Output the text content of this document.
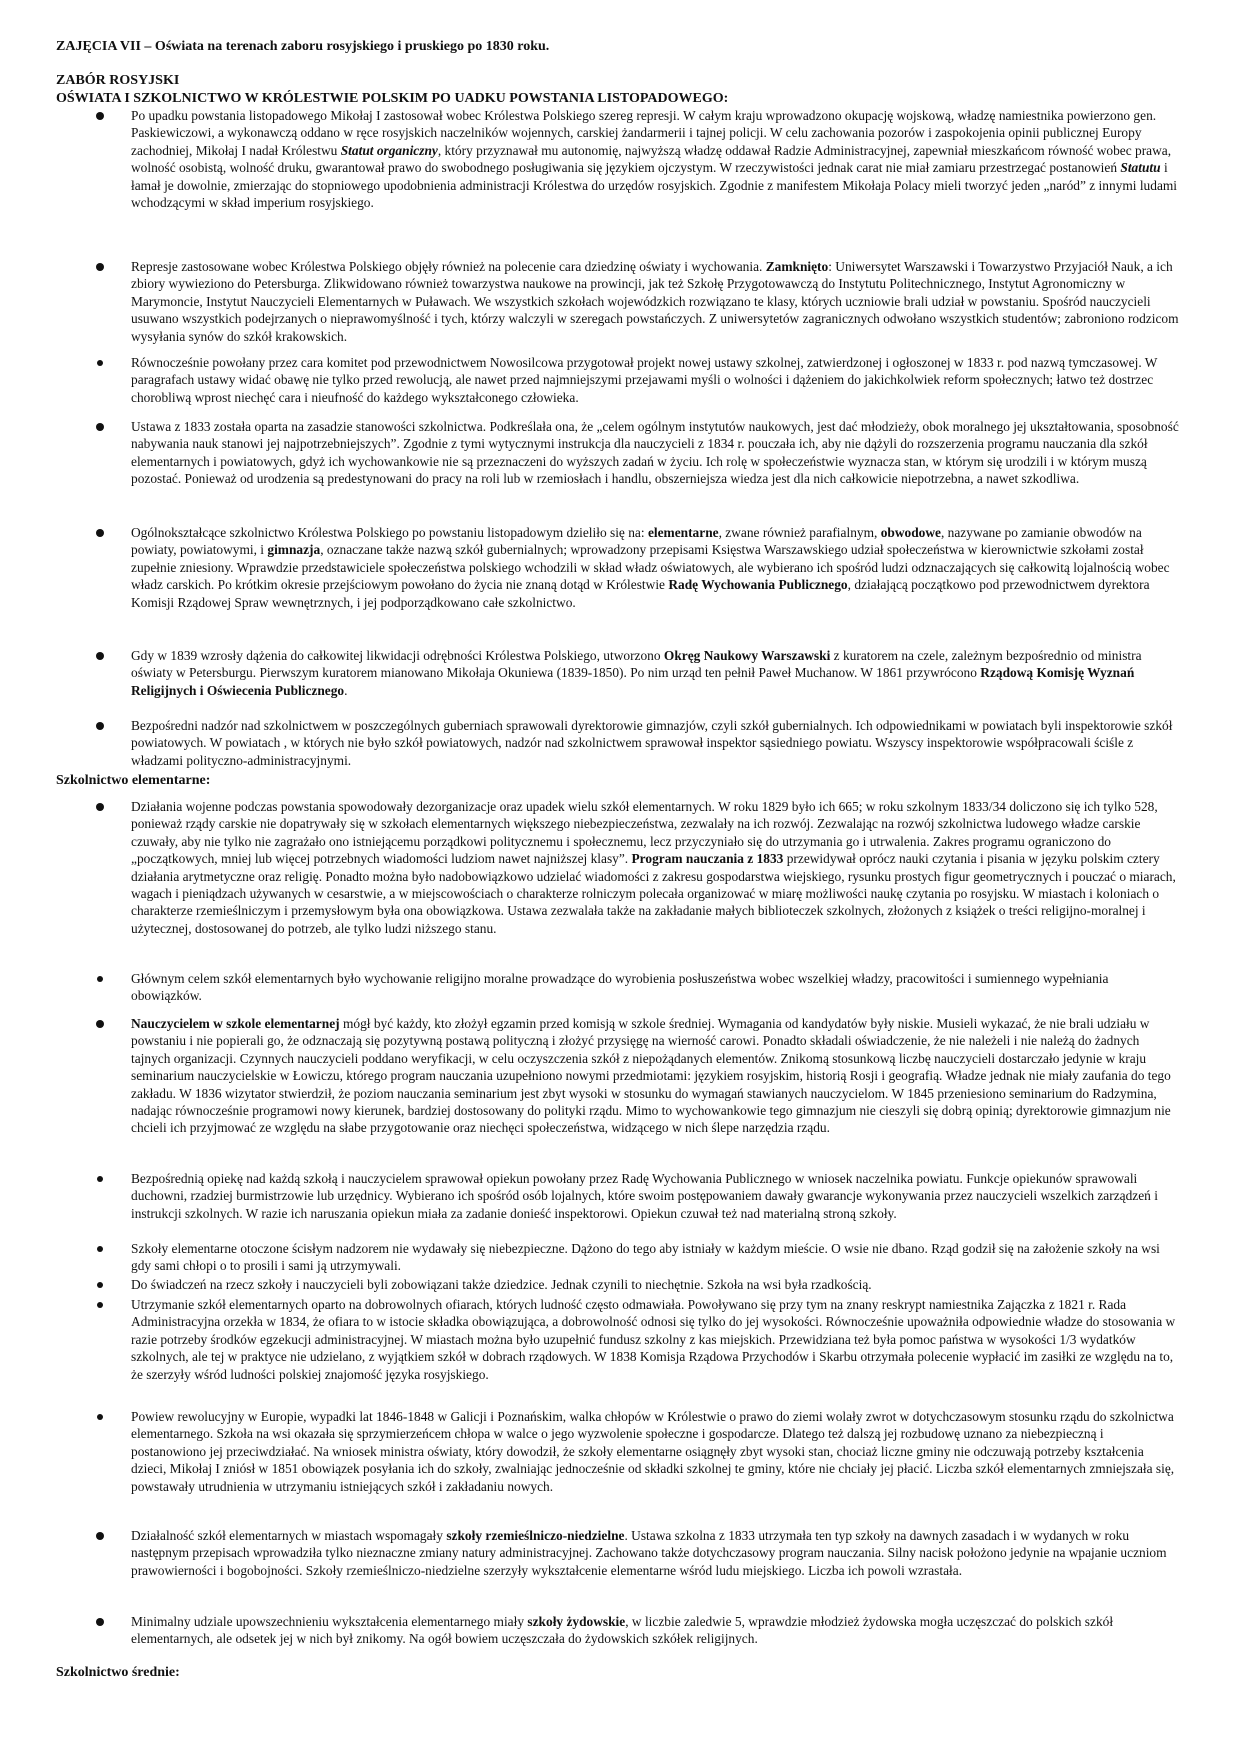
ZAJĘCIA VII – Oświata na terenach zaboru rosyjskiego i pruskiego po 1830 roku.
ZABÓR ROSYJSKI
OŚWIATA I SZKOLNICTWO W KRÓLESTWIE POLSKIM PO UADKU POWSTANIA LISTOPADOWEGO:
Po upadku powstania listopadowego Mikołaj I zastosował wobec Królestwa Polskiego szereg represji. W całym kraju wprowadzono okupację wojskową, władzę namiestnika powierzono gen. Paskiewiczowi, a wykonawczą oddano w ręce rosyjskich naczelników wojennych, carskiej żandarmerii i tajnej policji. W celu zachowania pozorów i zaspokojenia opinii publicznej Europy zachodniej, Mikołaj I nadał Królestwu Statut organiczny, który przyznawał mu autonomię, najwyższą władzę oddawał Radzie Administracyjnej, zapewniał mieszkańcom równość wobec prawa, wolność osobistą, wolność druku, gwarantował prawo do swobodnego posługiwania się językiem ojczystym. W rzeczywistości jednak carat nie miał zamiaru przestrzegać postanowień Statutu i łamał je dowolnie, zmierzając do stopniowego upodobnienia administracji Królestwa do urzędów rosyjskich. Zgodnie z manifestem Mikołaja Polacy mieli tworzyć jeden „naród” z innymi ludami wchodzącymi w skład imperium rosyjskiego.
Represje zastosowane wobec Królestwa Polskiego objęły również na polecenie cara dziedzinę oświaty i wychowania. Zamknięto: Uniwersytet Warszawski i Towarzystwo Przyjaciół Nauk, a ich zbiory wywieziono do Petersburga. Zlikwidowano również towarzystwa naukowe na prowincji, jak też Szkołę Przygotowawczą do Instytutu Politechnicznego, Instytut Agronomiczny w Marymoncie, Instytut Nauczycieli Elementarnych w Puławach. We wszystkich szkołach wojewódzkich rozwiązano te klasy, których uczniowie brali udział w powstaniu. Spośród nauczycieli usuwano wszystkich podejrzanych o nieprawomyślność i tych, którzy walczyli w szeregach powstańczych. Z uniwersytetów zagranicznych odwołano wszystkich studentów; zabroniono rodzicom wysyłania synów do szkół krakowskich.
Równocześnie powołany przez cara komitet pod przewodnictwem Nowosilcowa przygotował projekt nowej ustawy szkolnej, zatwierdzonej i ogłoszonej w 1833 r. pod nazwą tymczasowej. W paragrafach ustawy widać obawę nie tylko przed rewolucją, ale nawet przed najmniejszymi przejawami myśli o wolności i dążeniem do jakichkolwiek reform społecznych; łatwo też dostrzec chorobliwą wprost niechęć cara i nieufność do każdego wykształconego człowieka.
Ustawa z 1833 została oparta na zasadzie stanowości szkolnictwa. Podkreślała ona, że „celem ogólnym instytutów naukowych, jest dać młodzieży, obok moralnego jej ukształtowania, sposobność nabywania nauk stanowi jej najpotrzebniejszych”. Zgodnie z tymi wytycznymi instrukcja dla nauczycieli z 1834 r. pouczała ich, aby nie dążyli do rozszerzenia programu nauczania dla szkół elementarnych i powiatowych, gdyż ich wychowankowie nie są przeznaczeni do wyższych zadań w życiu. Ich rolę w społeczeństwie wyznacza stan, w którym się urodzili i w którym muszą pozostać. Ponieważ od urodzenia są predestynowani do pracy na roli lub w rzemiosłach i handlu, obszerniejsza wiedza jest dla nich całkowicie niepotrzebna, a nawet szkodliwa.
Ogólnokształcące szkolnictwo Królestwa Polskiego po powstaniu listopadowym dzieliło się na: elementarne, zwane również parafialnym, obwodowe, nazywane po zamianie obwodów na powiaty, powiatowymi, i gimnazja, oznaczane także nazwą szkół gubernialnych; wprowadzony przepisami Księstwa Warszawskiego udział społeczeństwa w kierownictwie szkołami został zupełnie zniesiony. Wprawdzie przedstawiciele społeczeństwa polskiego wchodzili w skład władz oświatowych, ale wybierano ich spośród ludzi odznaczających się całkowitą lojalnością wobec władz carskich. Po krótkim okresie przejściowym powołano do życia nie znaną dotąd w Królestwie Radę Wychowania Publicznego, działającą początkowo pod przewodnictwem dyrektora Komisji Rządowej Spraw wewnętrznych, i jej podporządkowano całe szkolnictwo.
Gdy w 1839 wzrosły dążenia do całkowitej likwidacji odrębności Królestwa Polskiego, utworzono Okręg Naukowy Warszawski z kuratorem na czele, zależnym bezpośrednio od ministra oświaty w Petersburgu. Pierwszym kuratorem mianowano Mikołaja Okuniewa (1839-1850). Po nim urząd ten pełnił Paweł Muchanow. W 1861 przywrócono Rządową Komisję Wyznań Religijnych i Oświecenia Publicznego.
Bezpośredni nadzór nad szkolnictwem w poszczególnych guberniach sprawowali dyrektorowie gimnazjów, czyli szkół gubernialnych. Ich odpowiednikami w powiatach byli inspektorowie szkół powiatowych. W powiatach , w których nie było szkół powiatowych, nadzór nad szkolnictwem sprawował inspektor sąsiedniego powiatu. Wszyscy inspektorowie współpracowali ściśle z władzami polityczno-administracyjnymi.
Szkolnictwo elementarne:
Działania wojenne podczas powstania spowodowały dezorganizacje oraz upadek wielu szkół elementarnych. W roku 1829 było ich 665; w roku szkolnym 1833/34 doliczono się ich tylko 528, ponieważ rządy carskie nie dopatrywały się w szkołach elementarnych większego niebezpieczeństwa, zezwalały na ich rozwój. Zezwalając na rozwój szkolnictwa ludowego władze carskie czuwały, aby nie tylko nie zagrażało ono istniejącemu porządkowi politycznemu i społecznemu, lecz przyczyniało się do utrzymania go i utrwalenia. Zakres programu ograniczono do „początkowych, mniej lub więcej potrzebnych wiadomości ludziom nawet najniższej klasy”. Program nauczania z 1833 przewidywał oprócz nauki czytania i pisania w języku polskim cztery działania arytmetyczne oraz religię. Ponadto można było nadobowiązkowo udzielać wiadomości z zakresu gospodarstwa wiejskiego, rysunku prostych figur geometrycznych i pouczać o miarach, wagach i pieniądzach używanych w cesarstwie, a w miejscowościach o charakterze rolniczym polecała organizować w miarę możliwości naukę czytania po rosyjsku. W miastach i koloniach o charakterze rzemieślniczym i przemysłowym była ona obowiązkowa. Ustawa zezwalała także na zakładanie małych biblioteczek szkolnych, złożonych z książek o treści religijno-moralnej i użytecznej, dostosowanej do potrzeb, ale tylko ludzi niższego stanu.
Głównym celem szkół elementarnych było wychowanie religijno moralne prowadzące do wyrobienia posłuszeństwa wobec wszelkiej władzy, pracowitości i sumiennego wypełniania obowiązków.
Nauczycielem w szkole elementarnej mógł być każdy, kto złożył egzamin przed komisją w szkole średniej. Wymagania od kandydatów były niskie. Musieli wykazać, że nie brali udziału w powstaniu i nie popierali go, że odznaczają się pozytywną postawą polityczną i złożyć przysięgę na wierność carowi. Ponadto składali oświadczenie, że nie należeli i nie należą do żadnych tajnych organizacji. Czynnych nauczycieli poddano weryfikacji, w celu oczyszczenia szkół z niepożądanych elementów. Znikomą stosunkową liczbę nauczycieli dostarczało jedynie w kraju seminarium nauczycielskie w Łowiczu, którego program nauczania uzupełniono nowymi przedmiotami: językiem rosyjskim, historią Rosji i geografią. Władze jednak nie miały zaufania do tego zakładu. W 1836 wizytator stwierdził, że poziom nauczania seminarium jest zbyt wysoki w stosunku do wymagań stawianych nauczycielom. W 1845 przeniesiono seminarium do Radzymina, nadając równocześnie programowi nowy kierunek, bardziej dostosowany do polityki rządu. Mimo to wychowankowie tego gimnazjum nie cieszyli się dobrą opinią; dyrektorowie gimnazjum nie chcieli ich przyjmować ze względu na słabe przygotowanie oraz niechęci społeczeństwa, widzącego w nich ślepe narzędzia rządu.
Bezpośrednią opiekę nad każdą szkołą i nauczycielem sprawował opiekun powołany przez Radę Wychowania Publicznego w wniosek naczelnika powiatu. Funkcje opiekunów sprawowali duchowni, rzadziej burmistrzowie lub urzędnicy. Wybierano ich spośród osób lojalnych, które swoim postępowaniem dawały gwarancje wykonywania przez nauczycieli wszelkich zarządzeń i instrukcji szkolnych. W razie ich naruszania opiekun miała za zadanie donieść inspektorowi. Opiekun czuwał też nad materialną stroną szkoły.
Szkoły elementarne otoczone ścisłym nadzorem nie wydawały się niebezpieczne. Dążono do tego aby istniały w każdym mieście. O wsie nie dbano. Rząd godził się na założenie szkoły na wsi gdy sami chłopi o to prosili i sami ją utrzymywali.
Do świadczeń na rzecz szkoły i nauczycieli byli zobowiązani także dziedzice. Jednak czynili to niechętnie. Szkoła na wsi była rzadkością.
Utrzymanie szkół elementarnych oparto na dobrowolnych ofiarach, których ludność często odmawiała. Powoływano się przy tym na znany reskrypt namiestnika Zajączka z 1821 r. Rada Administracyjna orzekła w 1834, że ofiara to w istocie składka obowiązująca, a dobrowolność odnosi się tylko do jej wysokości. Równocześnie upoważniła odpowiednie władze do stosowania w razie potrzeby środków egzekucji administracyjnej. W miastach można było uzupełnić fundusz szkolny z kas miejskich. Przewidziana też była pomoc państwa w wysokości 1/3 wydatków szkolnych, ale tej w praktyce nie udzielano, z wyjątkiem szkół w dobrach rządowych. W 1838 Komisja Rządowa Przychodów i Skarbu otrzymała polecenie wypłacić im zasiłki ze względu na to, że szerzyły wśród ludności polskiej znajomość języka rosyjskiego.
Powiew rewolucyjny w Europie, wypadki lat 1846-1848 w Galicji i Poznańskim, walka chłopów w Królestwie o prawo do ziemi wolały zwrot w dotychczasowym stosunku rządu do szkolnictwa elementarnego. Szkoła na wsi okazała się sprzymierzeńcem chłopa w walce o jego wyzwolenie społeczne i gospodarcze. Dlatego też dalszą jej rozbudowę uznano za niebezpieczną i postanowiono jej przeciwdziałać. Na wniosek ministra oświaty, który dowodził, że szkoły elementarne osiągnęły zbyt wysoki stan, chociaż liczne gminy nie odczuwają potrzeby kształcenia dzieci, Mikołaj I zniósł w 1851 obowiązek posyłania ich do szkoły, zwalniając jednocześnie od składki szkolnej te gminy, które nie chciały jej płacić. Liczba szkół elementarnych zmniejszała się, powstawały utrudnienia w utrzymaniu istniejących szkół i zakładaniu nowych.
Działalność szkół elementarnych w miastach wspomagały szkoły rzemieślniczo-niedzielne. Ustawa szkolna z 1833 utrzymała ten typ szkoły na dawnych zasadach i w wydanych w roku następnym przepisach wprowadziła tylko nieznaczne zmiany natury administracyjnej. Zachowano także dotychczasowy program nauczania. Silny nacisk położono jedynie na wpajanie uczniom prawowierności i bogobojności. Szkoły rzemieślniczo-niedzielne szerzyły wykształcenie elementarne wśród ludu miejskiego. Liczba ich powoli wzrastała.
Minimalny udziale upowszechnieniu wykształcenia elementarnego miały szkoły żydowskie, w liczbie zaledwie 5, wprawdzie młodzież żydowska mogła uczęszczać do polskich szkół elementarnych, ale odsetek jej w nich był znikomy. Na ogół bowiem uczęszczała do żydowskich szkółek religijnych.
Szkolnictwo średnie:
